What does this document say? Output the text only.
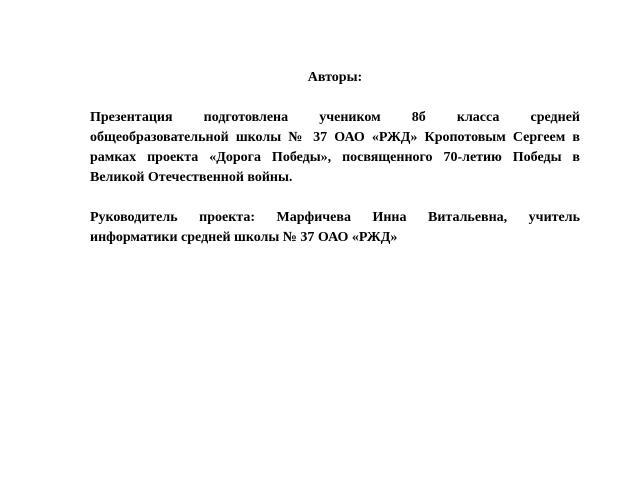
Авторы:

Презентация подготовлена учеником 8б класса средней общеобразовательной школы № 37 ОАО «РЖД» Кропотовым Сергеем в рамках проекта «Дорога Победы», посвященного 70-летию Победы в Великой Отечественной войны.

Руководитель проекта: Марфичева Инна Витальевна, учитель информатики средней школы № 37 ОАО «РЖД»
